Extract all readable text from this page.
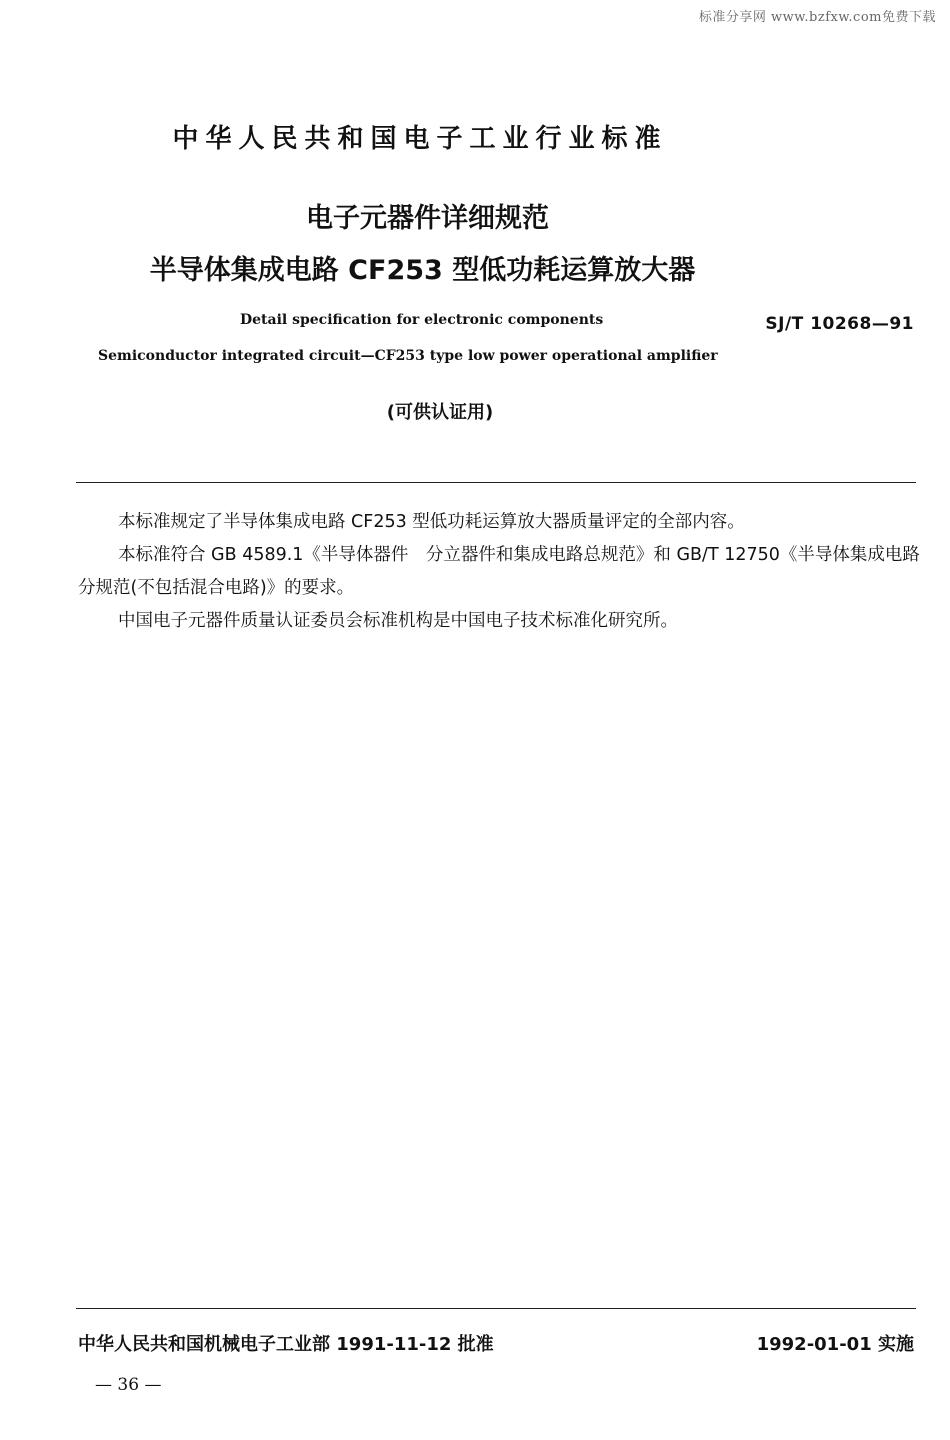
标准分享网 www.bzfxw.com免费下载
中华人民共和国电子工业行业标准
电子元器件详细规范
半导体集成电路 CF253 型低功耗运算放大器
Detail specification for electronic components	SJ/T 10268—91
Semiconductor integrated circuit—CF253 type low power operational amplifier
(可供认证用)

本标准规定了半导体集成电路 CF253 型低功耗运算放大器质量评定的全部内容。

本标准符合 GB 4589.1《半导体器件　分立器件和集成电路总规范》和 GB/T 12750《半导体集成电路分规范(不包括混合电路)》的要求。

中国电子元器件质量认证委员会标准机构是中国电子技术标准化研究所。

中华人民共和国机械电子工业部 1991-11-12 批准	1992-01-01 实施
— 36 —
